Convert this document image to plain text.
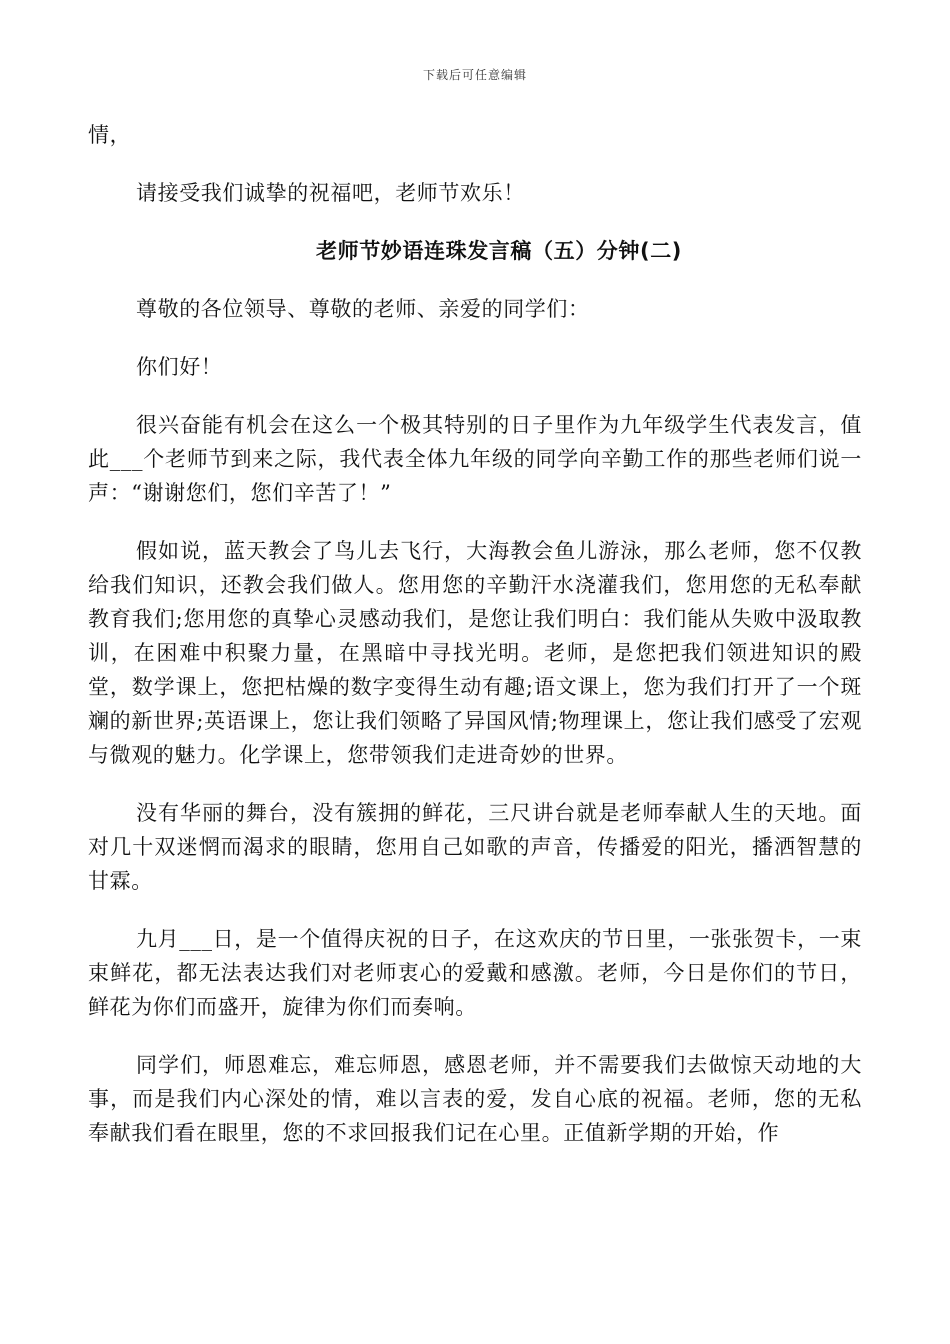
下载后可任意编辑

情，

请接受我们诚挚的祝福吧，老师节欢乐！

老师节妙语连珠发言稿（五）分钟(二)

尊敬的各位领导、尊敬的老师、亲爱的同学们：

你们好！

很兴奋能有机会在这么一个极其特别的日子里作为九年级学生代表发言，值此___个老师节到来之际，我代表全体九年级的同学向辛勤工作的那些老师们说一声：“谢谢您们，您们辛苦了！”

假如说，蓝天教会了鸟儿去飞行，大海教会鱼儿游泳，那么老师，您不仅教给我们知识，还教会我们做人。您用您的辛勤汗水浇灌我们，您用您的无私奉献教育我们;您用您的真挚心灵感动我们，是您让我们明白：我们能从失败中汲取教训，在困难中积聚力量，在黑暗中寻找光明。老师，是您把我们领进知识的殿堂，数学课上，您把枯燥的数字变得生动有趣;语文课上，您为我们打开了一个斑斓的新世界;英语课上，您让我们领略了异国风情;物理课上，您让我们感受了宏观与微观的魅力。化学课上，您带领我们走进奇妙的世界。

没有华丽的舞台，没有簇拥的鲜花，三尺讲台就是老师奉献人生的天地。面对几十双迷惘而渴求的眼睛，您用自己如歌的声音，传播爱的阳光，播洒智慧的甘霖。

九月___日，是一个值得庆祝的日子，在这欢庆的节日里，一张张贺卡，一束束鲜花，都无法表达我们对老师衷心的爱戴和感激。老师，今日是你们的节日，鲜花为你们而盛开，旋律为你们而奏响。

同学们，师恩难忘，难忘师恩，感恩老师，并不需要我们去做惊天动地的大事，而是我们内心深处的情，难以言表的爱，发自心底的祝福。老师，您的无私奉献我们看在眼里，您的不求回报我们记在心里。正值新学期的开始，作
